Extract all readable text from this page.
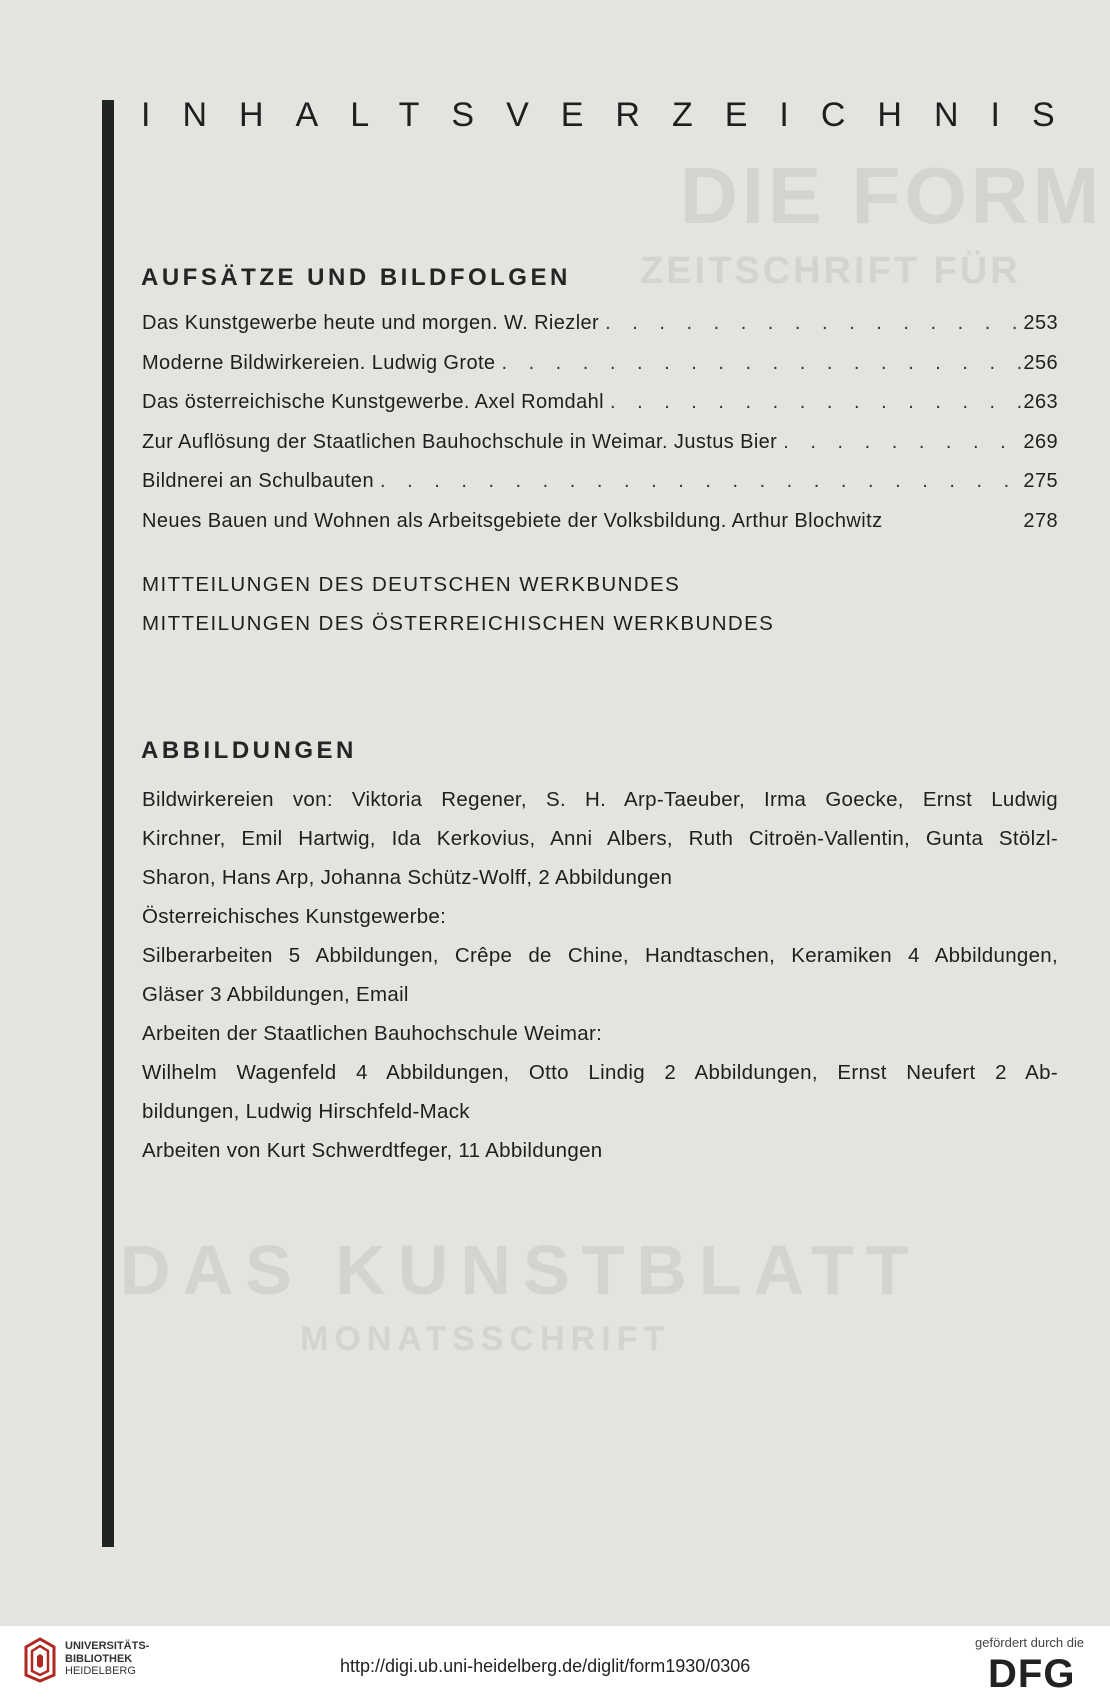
DIE FORM
ZEITSCHRIFT FÜR
DAS KUNSTBLATT
MONATSSCHRIFT
INHALTSVERZEICHNIS
AUFSÄTZE UND BILDFOLGEN
Das Kunstgewerbe heute und morgen. W. Riezler . . .	253
Moderne Bildwirkereien. Ludwig Grote . . .	256
Das österreichische Kunstgewerbe. Axel Romdahl . . .	263
Zur Auflösung der Staatlichen Bauhochschule in Weimar. Justus Bier . . .	269
Bildnerei an Schulbauten . . .	275
Neues Bauen und Wohnen als Arbeitsgebiete der Volksbildung. Arthur Blochwitz	278
MITTEILUNGEN DES DEUTSCHEN WERKBUNDES
MITTEILUNGEN DES ÖSTERREICHISCHEN WERKBUNDES
ABBILDUNGEN
Bildwirkereien von: Viktoria Regener, S. H. Arp-Taeuber, Irma Goecke, Ernst Ludwig
Kirchner, Emil Hartwig, Ida Kerkovius, Anni Albers, Ruth Citroën-Vallentin, Gunta Stölzl-
Sharon, Hans Arp, Johanna Schütz-Wolff, 2 Abbildungen
Österreichisches Kunstgewerbe:
Silberarbeiten 5 Abbildungen, Crêpe de Chine, Handtaschen, Keramiken 4 Abbildungen,
Gläser 3 Abbildungen, Email
Arbeiten der Staatlichen Bauhochschule Weimar:
Wilhelm Wagenfeld 4 Abbildungen, Otto Lindig 2 Abbildungen, Ernst Neufert 2 Ab-
bildungen, Ludwig Hirschfeld-Mack
Arbeiten von Kurt Schwerdtfeger, 11 Abbildungen
UNIVERSITÄTS-
BIBLIOTHEK
HEIDELBERG	http://digi.ub.uni-heidelberg.de/diglit/form1930/0306
gefördert durch die
DFG
